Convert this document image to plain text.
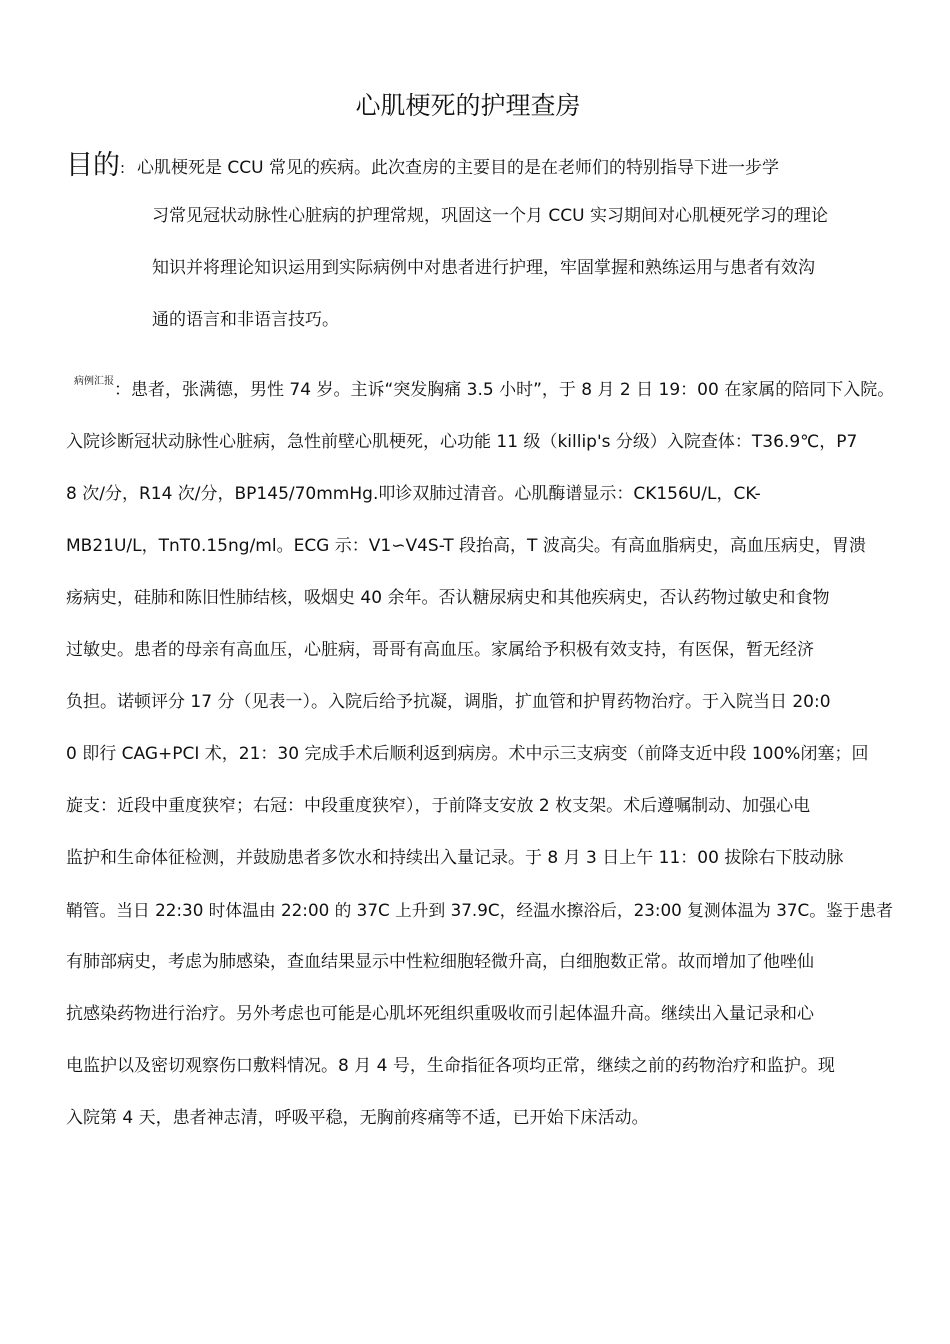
心肌梗死的护理查房
目的 : 心肌梗死是 CCU 常见的疾病。此次查房的主要目的是在老师们的特别指导下进一步学
习常见冠状动脉性心脏病的护理常规，巩固这一个月 CCU 实习期间对心肌梗死学习的理论
知识并将理论知识运用到实际病例中对患者进行护理，牢固掌握和熟练运用与患者有效沟
通的语言和非语言技巧。
病例汇报 ：患者，张满德，男性 74 岁。主诉“突发胸痛 3.5 小时”，于 8 月 2 日 19：00 在家属的陪同下入院。
入院诊断冠状动脉性心脏病，急性前壁心肌梗死，心功能 11 级（killip's 分级）入院查体：T36.9℃，P7
8 次/分，R14 次/分，BP145/70mmHg.叩诊双肺过清音。心肌酶谱显示：CK156U/L，CK-
MB21U/L，TnT0.15ng/ml。ECG 示：V1∽V4S-T 段抬高，T 波高尖。有高血脂病史，高血压病史，胃溃
疡病史，硅肺和陈旧性肺结核，吸烟史 40 余年。否认糖尿病史和其他疾病史，否认药物过敏史和食物
过敏史。患者的母亲有高血压，心脏病，哥哥有高血压。家属给予积极有效支持，有医保，暂无经济
负担。诺顿评分 17 分（见表一）。入院后给予抗凝，调脂，扩血管和护胃药物治疗。于入院当日 20:0
0 即行 CAG+PCI 术，21：30 完成手术后顺利返到病房。术中示三支病变（前降支近中段 100%闭塞；回
旋支：近段中重度狭窄；右冠：中段重度狭窄），于前降支安放 2 枚支架。术后遵嘱制动、加强心电
监护和生命体征检测，并鼓励患者多饮水和持续出入量记录。于 8 月 3 日上午 11：00 拔除右下肢动脉
鞘管。当日 22:30 时体温由 22:00 的 37C 上升到 37.9C，经温水擦浴后，23:00 复测体温为 37C。鉴于患者
有肺部病史，考虑为肺感染，查血结果显示中性粒细胞轻微升高，白细胞数正常。故而增加了他唑仙
抗感染药物进行治疗。另外考虑也可能是心肌坏死组织重吸收而引起体温升高。继续出入量记录和心
电监护以及密切观察伤口敷料情况。8 月 4 号，生命指征各项均正常，继续之前的药物治疗和监护。现
入院第 4 天，患者神志清，呼吸平稳，无胸前疼痛等不适，已开始下床活动。
